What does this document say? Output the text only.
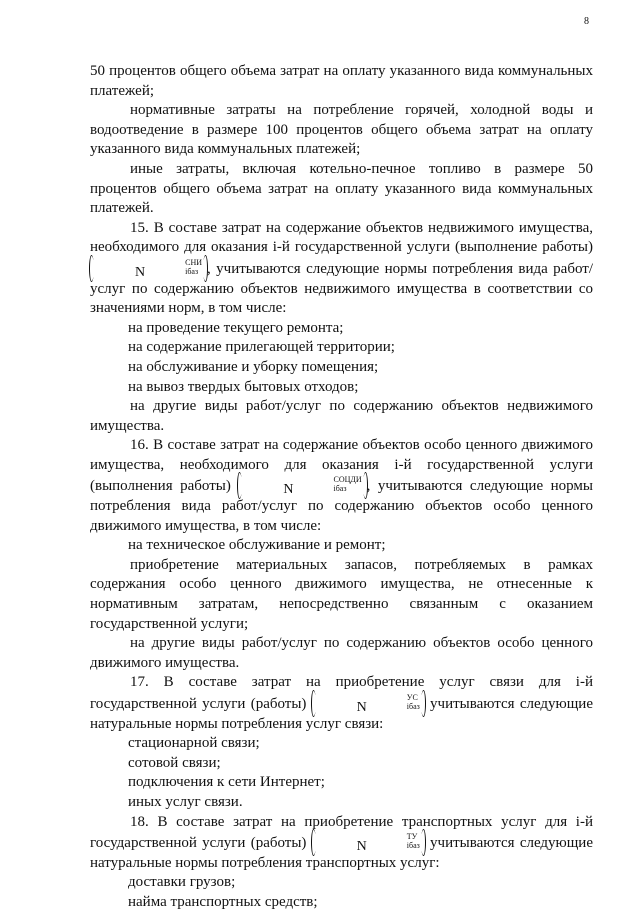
8

50 процентов общего объема затрат на оплату указанного вида коммунальных платежей;

нормативные затраты на потребление горячей, холодной воды и водоотведение в размере 100 процентов общего объема затрат на оплату указанного вида коммунальных платежей;

иные затраты, включая котельно-печное топливо в размере 50 процентов общего объема затрат на оплату указанного вида коммунальных платежей.

15. В составе затрат на содержание объектов недвижимого имущества, необходимого для оказания i-й государственной услуги (выполнение работы) N
СНИ
iбаз , учитываются следующие нормы потребления вида работ/услуг по содержанию объектов недвижимого имущества в соответствии со значениями норм, в том числе:

на проведение текущего ремонта;

на содержание прилегающей территории;

на обслуживание и уборку помещения;

на вывоз твердых бытовых отходов;

на другие виды работ/услуг по содержанию объектов недвижимого имущества.

16. В составе затрат на содержание объектов особо ценного движимого имущества, необходимого для оказания i-й государственной услуги (выполнения работы)	N
СОЦДИ
iбаз	, учитываются следующие нормы потребления вида работ/услуг по содержанию объектов особо ценного движимого имущества, в том числе:

на техническое обслуживание и ремонт;

приобретение материальных запасов, потребляемых в рамках содержания особо ценного движимого имущества, не отнесенные к нормативным затратам, непосредственно связанным с оказанием государственной услуги;

на другие виды работ/услуг по содержанию объектов особо ценного движимого имущества.

17. В составе затрат на приобретение услуг связи для i-й государственной услуги (работы)	N
УС
iбаз учитываются следующие натуральные нормы потребления услуг связи:

стационарной связи;

сотовой связи;

подключения к сети Интернет;

иных услуг связи.

18. В составе затрат на приобретение транспортных услуг для i-й государственной услуги (работы)	N
ТУ
iбаз учитываются следующие натуральные нормы потребления транспортных услуг:

доставки грузов;

найма транспортных средств;
